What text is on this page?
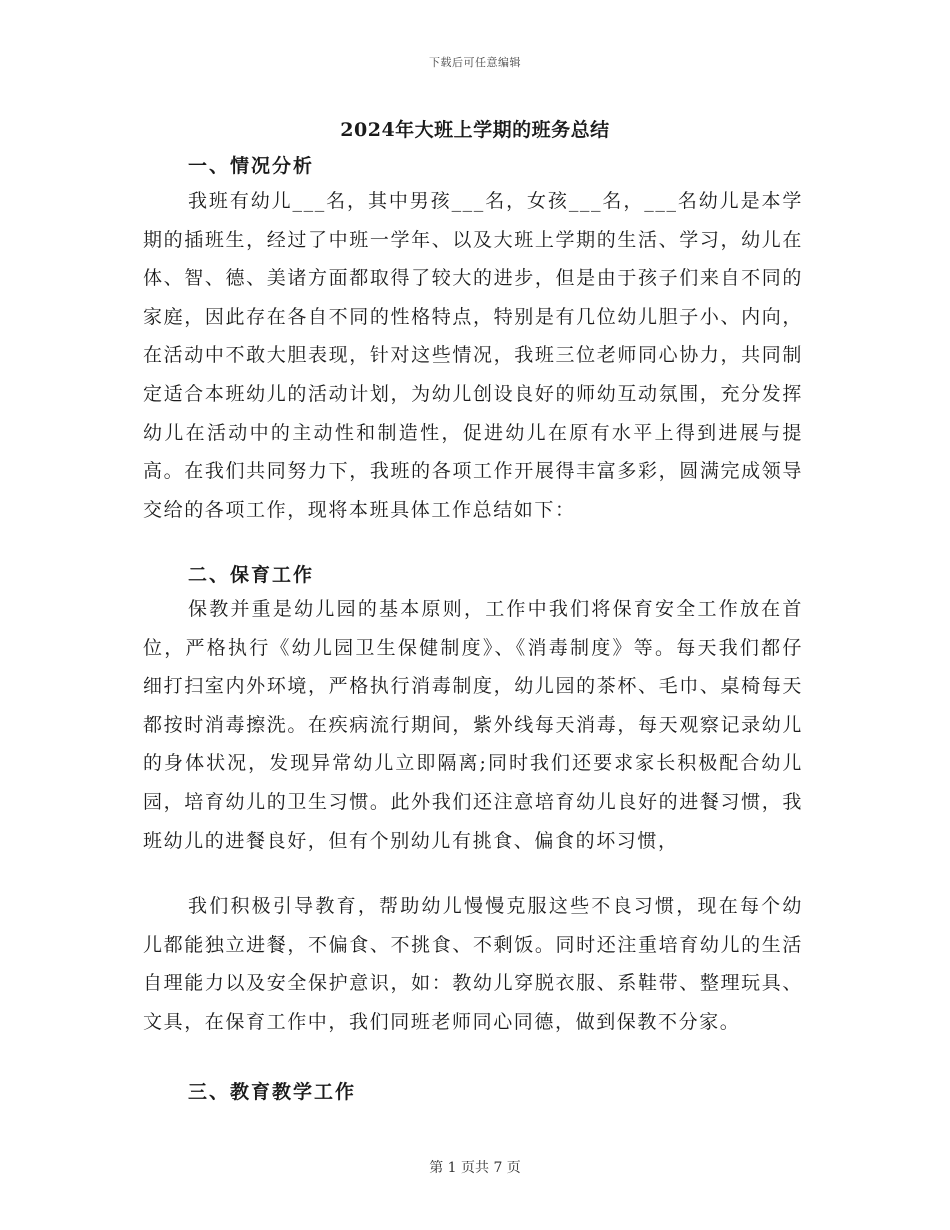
下载后可任意编辑
2024年大班上学期的班务总结
一、情况分析

我班有幼儿___名，其中男孩___名，女孩___名，___名幼儿是本学期的插班生，经过了中班一学年、以及大班上学期的生活、学习，幼儿在体、智、德、美诸方面都取得了较大的进步，但是由于孩子们来自不同的家庭，因此存在各自不同的性格特点，特别是有几位幼儿胆子小、内向，在活动中不敢大胆表现，针对这些情况，我班三位老师同心协力，共同制定适合本班幼儿的活动计划，为幼儿创设良好的师幼互动氛围，充分发挥幼儿在活动中的主动性和制造性，促进幼儿在原有水平上得到进展与提高。在我们共同努力下，我班的各项工作开展得丰富多彩，圆满完成领导交给的各项工作，现将本班具体工作总结如下：

二、保育工作

保教并重是幼儿园的基本原则，工作中我们将保育安全工作放在首位，严格执行《幼儿园卫生保健制度》、《消毒制度》等。每天我们都仔细打扫室内外环境，严格执行消毒制度，幼儿园的茶杯、毛巾、桌椅每天都按时消毒擦洗。在疾病流行期间，紫外线每天消毒，每天观察记录幼儿的身体状况，发现异常幼儿立即隔离;同时我们还要求家长积极配合幼儿园，培育幼儿的卫生习惯。此外我们还注意培育幼儿良好的进餐习惯，我班幼儿的进餐良好，但有个别幼儿有挑食、偏食的坏习惯，

我们积极引导教育，帮助幼儿慢慢克服这些不良习惯，现在每个幼儿都能独立进餐，不偏食、不挑食、不剩饭。同时还注重培育幼儿的生活自理能力以及安全保护意识，如：教幼儿穿脱衣服、系鞋带、整理玩具、文具，在保育工作中，我们同班老师同心同德，做到保教不分家。

三、教育教学工作
第 1 页共 7 页
